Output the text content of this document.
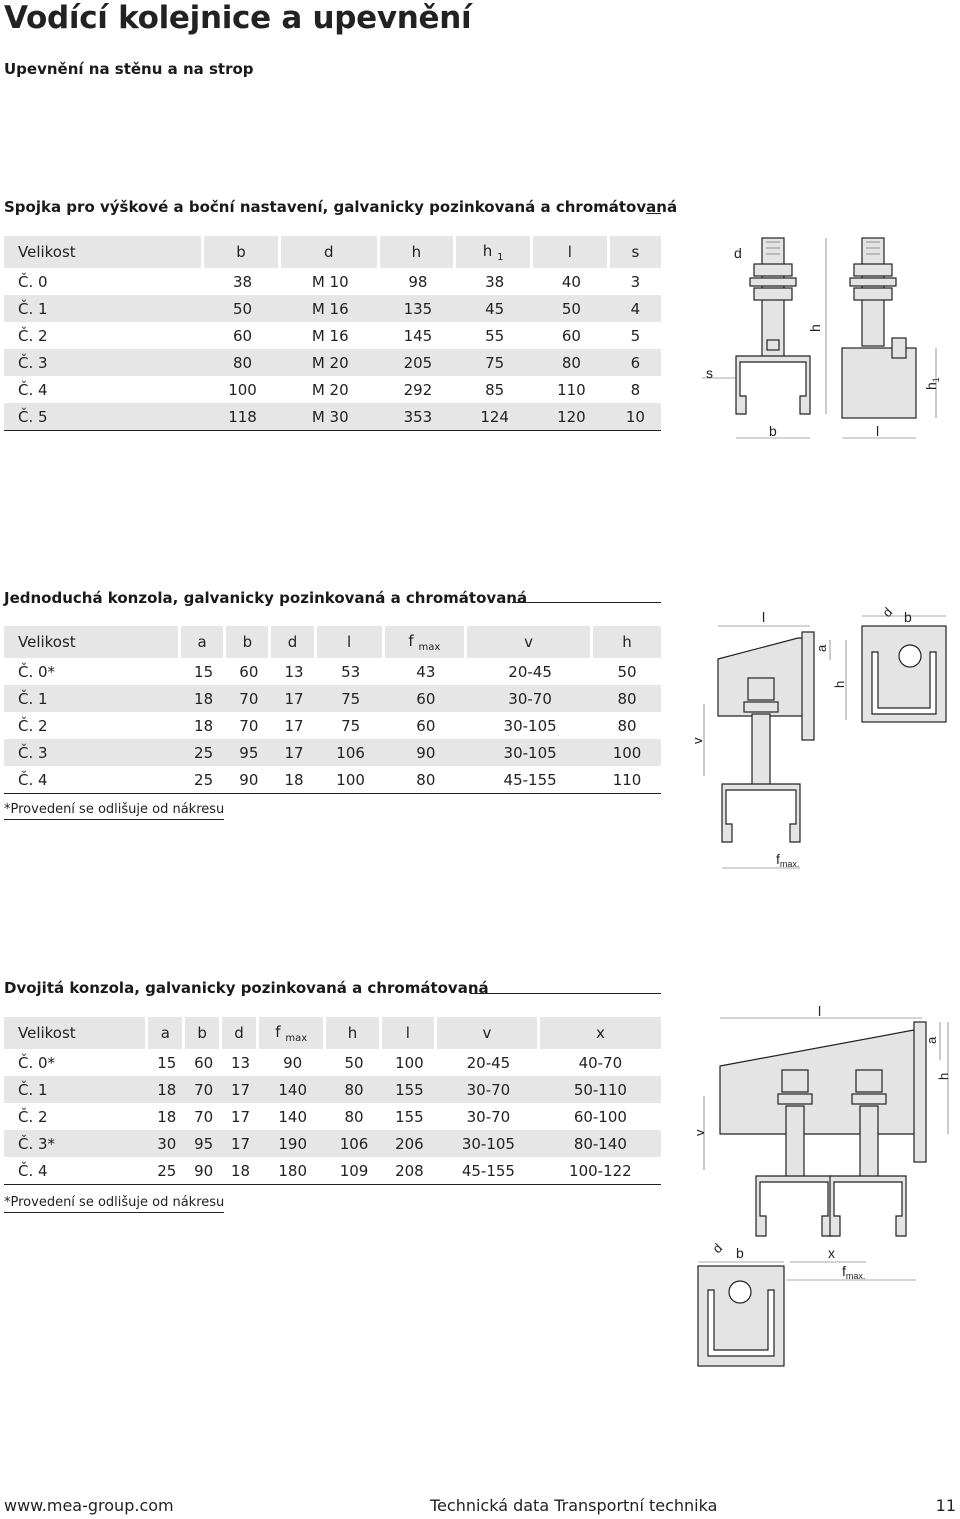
Vodící kolejnice a upevnění
Upevnění na stěnu a na strop
Spojka pro výškové a boční nastavení, galvanicky pozinkovaná a chromátovaná
Velikost	b	d	h	h $_1$	l	s
Č. 0	38	M 10	98	38	40	3
Č. 1	50	M 16	135	45	50	4
Č. 2	60	M 16	145	55	60	5
Č. 3	80	M 20	205	75	80	6
Č. 4	100	M 20	292	85	110	8
Č. 5	118	M 30	353	124	120	10
d
h
s
b	l
$h_1$
Jednoduchá konzola, galvanicky pozinkovaná a chromátovaná
Velikost	a	b	d	l	f $_{max}$	v	h
Č. 0*	15	60	13	53	43	20-45	50
Č. 1	18	70	17	75	60	30-70	80
Č. 2	18	70	17	75	60	30-105	80
Č. 3	25	95	17	106	90	30-105	100
Č. 4	25	90	18	100	80	45-155	110
*Provedení se odlišuje od nákresu
l
a
d b
h
v
$f_{max.}$
Dvojitá konzola, galvanicky pozinkovaná a chromátovaná
Velikost	a	b	d	f $_{max}$	h	l	v	x
Č. 0*	15	60	13	90	50	100	20-45	40-70
Č. 1	18	70	17	140	80	155	30-70	50-110
Č. 2	18	70	17	140	80	155	30-70	60-100
Č. 3*	30	95	17	190	106	206	30-105	80-140
Č. 4	25	90	18	180	109	208	45-155	100-122
*Provedení se odlišuje od nákresu
l
a
h
v
d b	x
$f_{max.}$
www.mea-group.com	Technická data Transportní technika	11
